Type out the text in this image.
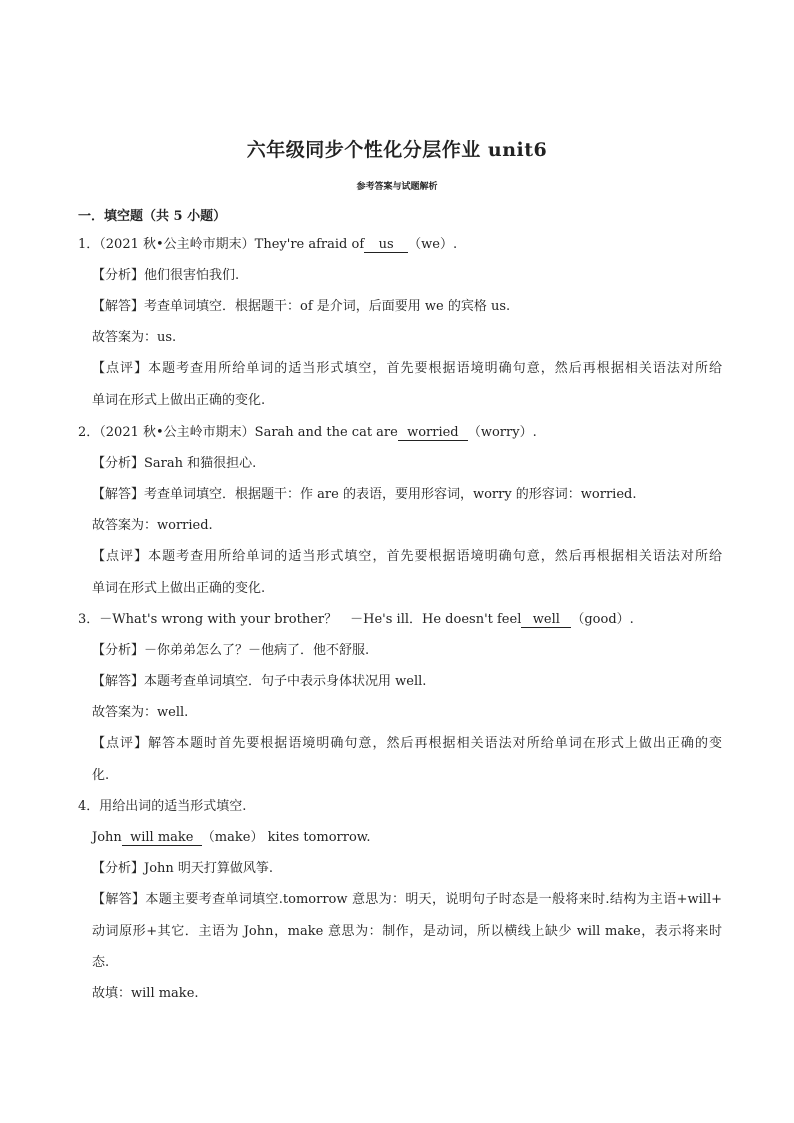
六年级同步个性化分层作业 unit6
参考答案与试题解析
一．填空题（共 5 小题）
1．（2021 秋•公主岭市期末）They're afraid of us （we）.
【分析】他们很害怕我们.
【解答】考查单词填空．根据题干：of 是介词，后面要用 we 的宾格 us.
故答案为：us.
【点评】本题考查用所给单词的适当形式填空，首先要根据语境明确句意，然后再根据相关语法对所给
单词在形式上做出正确的变化.
2．（2021 秋•公主岭市期末）Sarah and the cat are worried （worry）.
【分析】Sarah 和猫很担心.
【解答】考查单词填空．根据题干：作 are 的表语，要用形容词，worry 的形容词：worried.
故答案为：worried.
【点评】本题考查用所给单词的适当形式填空，首先要根据语境明确句意，然后再根据相关语法对所给
单词在形式上做出正确的变化.
3．－What's wrong with your brother？　－He's ill．He doesn't feel well （good）.
【分析】－你弟弟怎么了？－他病了．他不舒服.
【解答】本题考查单词填空．句子中表示身体状况用 well.
故答案为：well.
【点评】解答本题时首先要根据语境明确句意，然后再根据相关语法对所给单词在形式上做出正确的变
化.
4．用给出词的适当形式填空.
John will make （make） kites tomorrow.
【分析】John 明天打算做风筝.
【解答】本题主要考查单词填空.tomorrow 意思为：明天，说明句子时态是一般将来时.结构为主语+will+
动词原形+其它．主语为 John，make 意思为：制作，是动词，所以横线上缺少 will make，表示将来时
态.
故填：will make.
